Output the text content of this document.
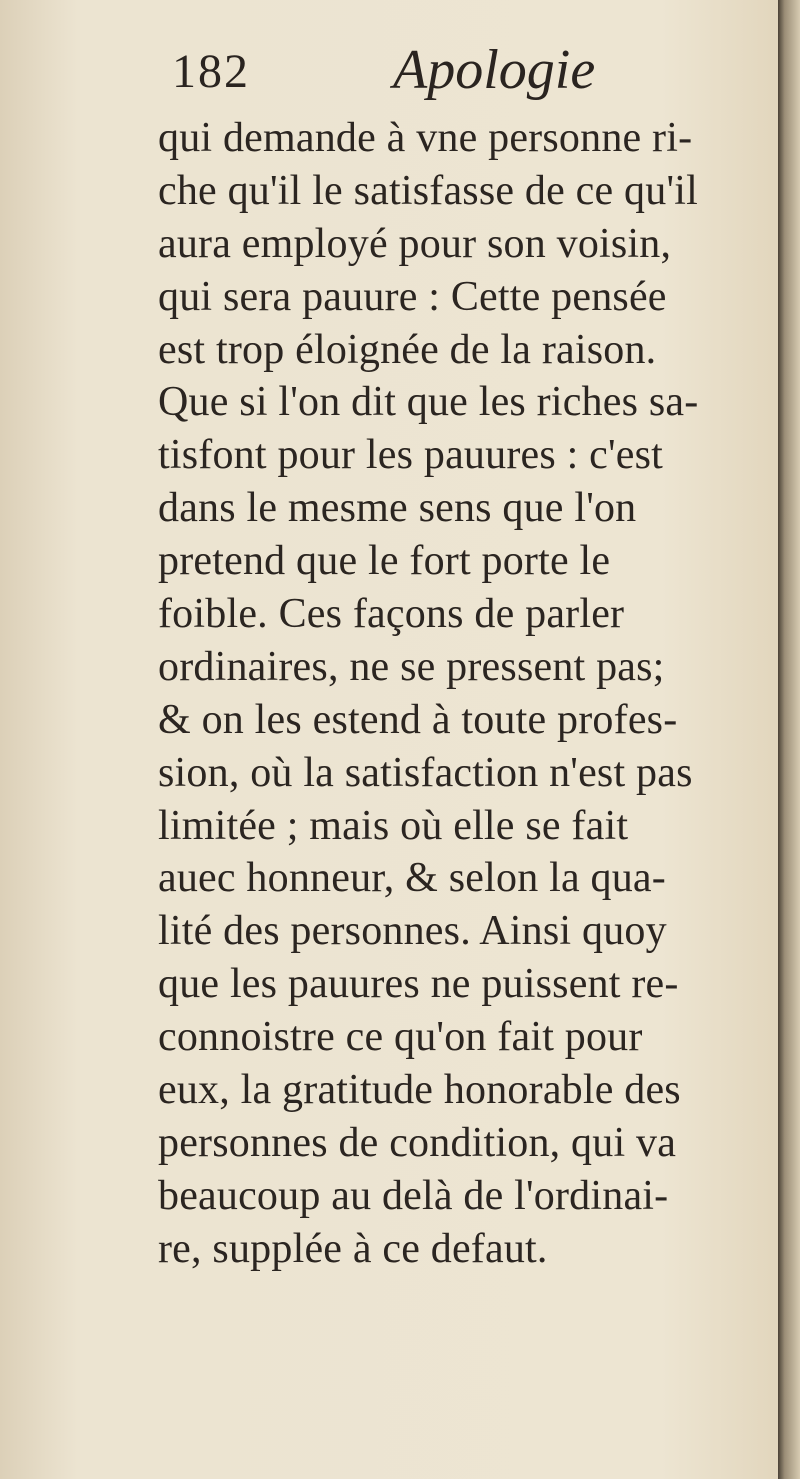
182	Apologie
qui demande à vne personne ri-
che qu'il le satisfasse de ce qu'il
aura employé pour son voisin,
qui sera pauure : Cette pensée
est trop éloignée de la raison.
Que si l'on dit que les riches sa-
tisfont pour les pauures : c'est
dans le mesme sens que l'on
pretend que le fort porte le
foible. Ces façons de parler
ordinaires, ne se pressent pas;
& on les estend à toute profes-
sion, où la satisfaction n'est pas
limitée ; mais où elle se fait
auec honneur, & selon la qua-
lité des personnes. Ainsi quoy
que les pauures ne puissent re-
connoistre ce qu'on fait pour
eux, la gratitude honorable des
personnes de condition, qui va
beaucoup au delà de l'ordinai-
re, supplée à ce defaut.
